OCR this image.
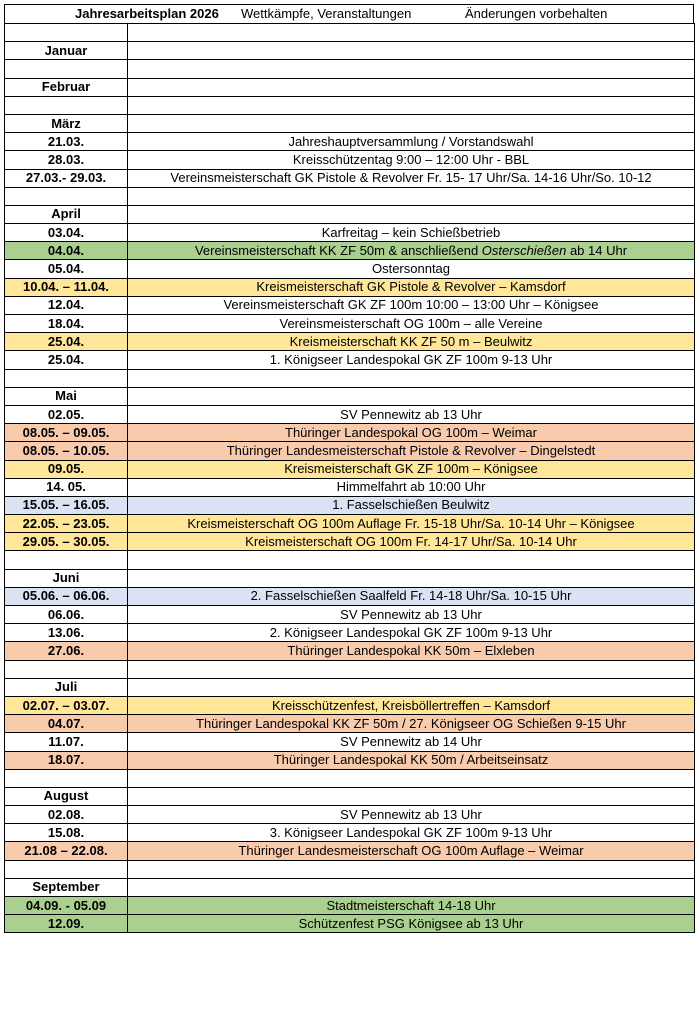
Jahresarbeitsplan 2026 Wettkämpfe, Veranstaltungen	Änderungen vorbehalten

Januar	

Februar	

März	
21.03.	Jahreshauptversammlung / Vorstandswahl
28.03.	Kreisschützentag 9:00 – 12:00 Uhr - BBL
27.03.- 29.03.	Vereinsmeisterschaft GK Pistole & Revolver Fr. 15- 17 Uhr/Sa. 14-16 Uhr/So. 10-12

April	
03.04.	Karfreitag – kein Schießbetrieb
04.04.	Vereinsmeisterschaft KK ZF 50m & anschließend Osterschießen ab 14 Uhr
05.04.	Ostersonntag
10.04. – 11.04.	Kreismeisterschaft GK Pistole & Revolver – Kamsdorf
12.04.	Vereinsmeisterschaft GK ZF 100m 10:00 – 13:00 Uhr – Königsee
18.04.	Vereinsmeisterschaft OG 100m – alle Vereine
25.04.	Kreismeisterschaft KK ZF 50 m – Beulwitz
25.04.	1. Königseer Landespokal GK ZF 100m 9-13 Uhr

Mai	
02.05.	SV Pennewitz ab 13 Uhr
08.05. – 09.05.	Thüringer Landespokal OG 100m – Weimar
08.05. – 10.05.	Thüringer Landesmeisterschaft Pistole & Revolver – Dingelstedt
09.05.	Kreismeisterschaft GK ZF 100m – Königsee
14. 05.	Himmelfahrt ab 10:00 Uhr
15.05. – 16.05.	1. Fasselschießen Beulwitz
22.05. – 23.05.	Kreismeisterschaft OG 100m Auflage Fr. 15-18 Uhr/Sa. 10-14 Uhr – Königsee
29.05. – 30.05.	Kreismeisterschaft OG 100m Fr. 14-17 Uhr/Sa. 10-14 Uhr

Juni	
05.06. – 06.06.	2. Fasselschießen Saalfeld Fr. 14-18 Uhr/Sa. 10-15 Uhr
06.06.	SV Pennewitz ab 13 Uhr
13.06.	2. Königseer Landespokal GK ZF 100m 9-13 Uhr
27.06.	Thüringer Landespokal KK 50m – Elxleben

Juli	
02.07. – 03.07.	Kreisschützenfest, Kreisböllertreffen – Kamsdorf
04.07.	Thüringer Landespokal KK ZF 50m / 27. Königseer OG Schießen 9-15 Uhr
11.07.	SV Pennewitz ab 14 Uhr
18.07.	Thüringer Landespokal KK 50m / Arbeitseinsatz

August	
02.08.	SV Pennewitz ab 13 Uhr
15.08.	3. Königseer Landespokal GK ZF 100m 9-13 Uhr
21.08 – 22.08.	Thüringer Landesmeisterschaft OG 100m Auflage – Weimar

September	
04.09. - 05.09	Stadtmeisterschaft 14-18 Uhr
12.09.	Schützenfest PSG Königsee ab 13 Uhr
